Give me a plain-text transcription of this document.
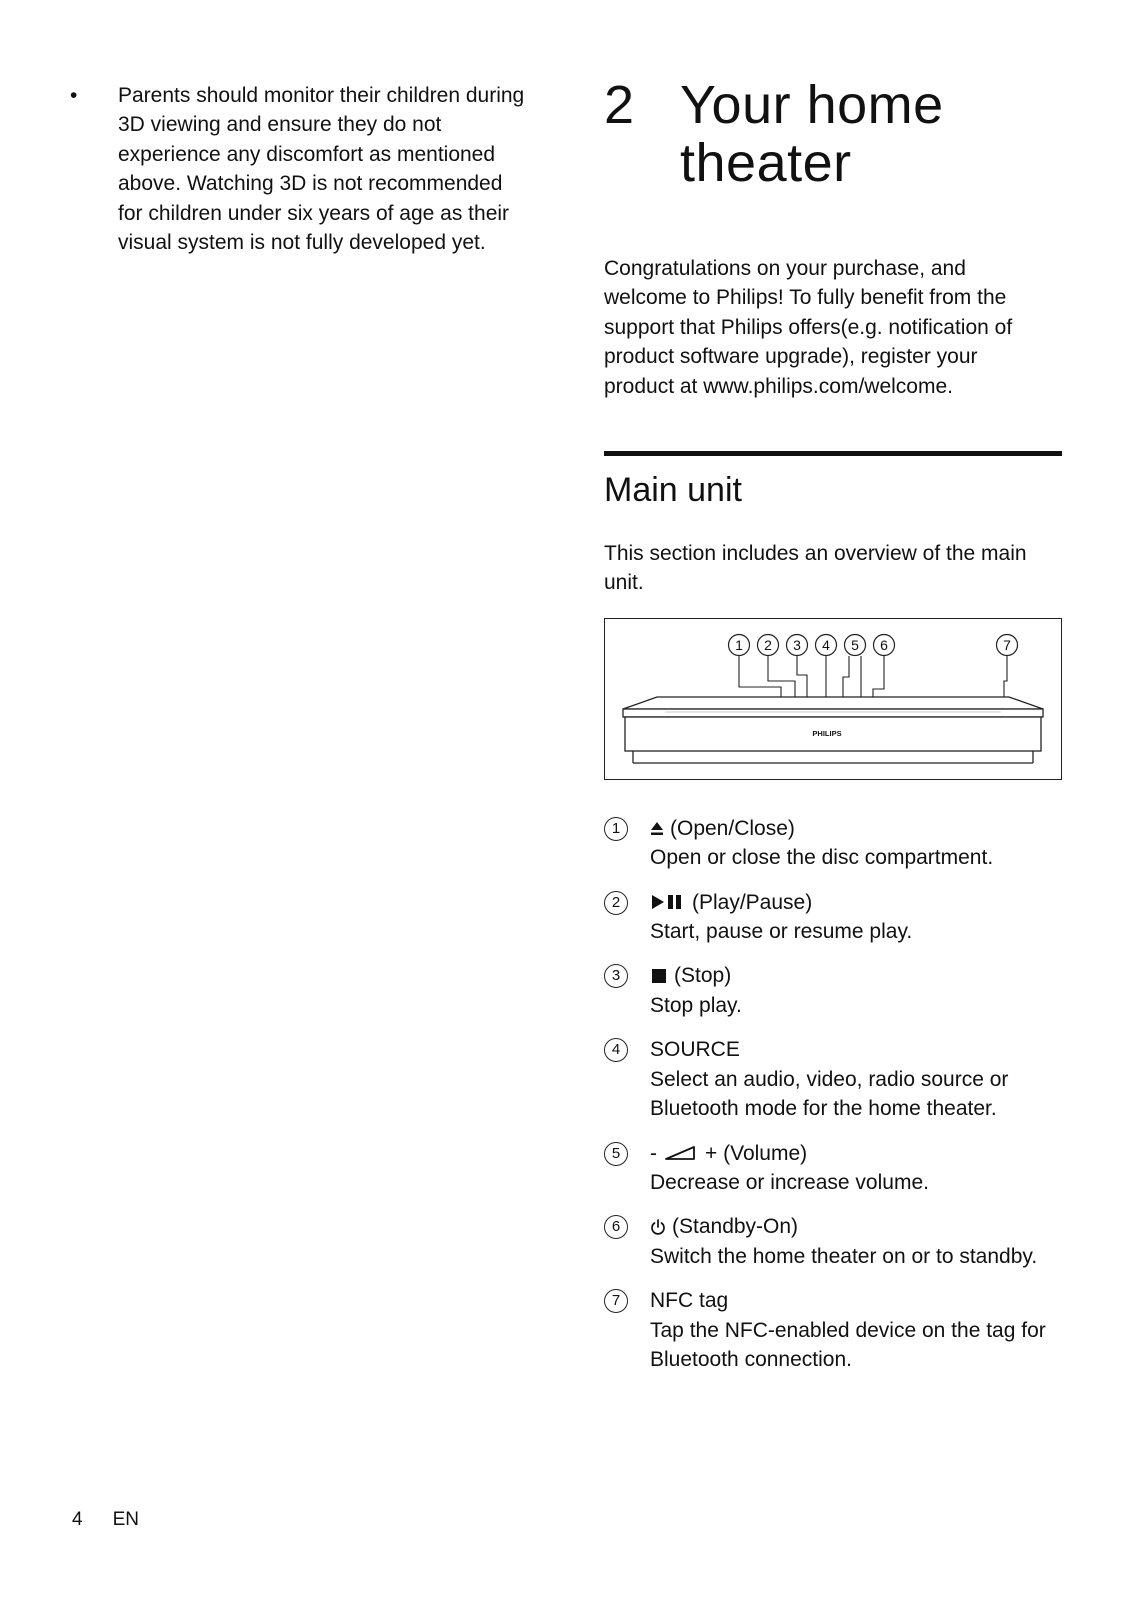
•	Parents should monitor their children during 3D viewing and ensure they do not experience any discomfort as mentioned above. Watching 3D is not recommended for children under six years of age as their visual system is not fully developed yet.
2 Your home theater
Congratulations on your purchase, and welcome to Philips! To fully benefit from the support that Philips offers(e.g. notification of product software upgrade), register your product at www.philips.com/welcome.
Main unit
This section includes an overview of the main unit.
1 2 3 4 5 6	7
PHILIPS
1	(Open/Close)
Open or close the disc compartment.
2	(Play/Pause)
Start, pause or resume play.
3	(Stop)
Stop play.
4	SOURCE
Select an audio, video, radio source or Bluetooth mode for the home theater.
5	- + (Volume)
Decrease or increase volume.
6	(Standby-On)
Switch the home theater on or to standby.
7	NFC tag
Tap the NFC-enabled device on the tag for Bluetooth connection.
4 EN
